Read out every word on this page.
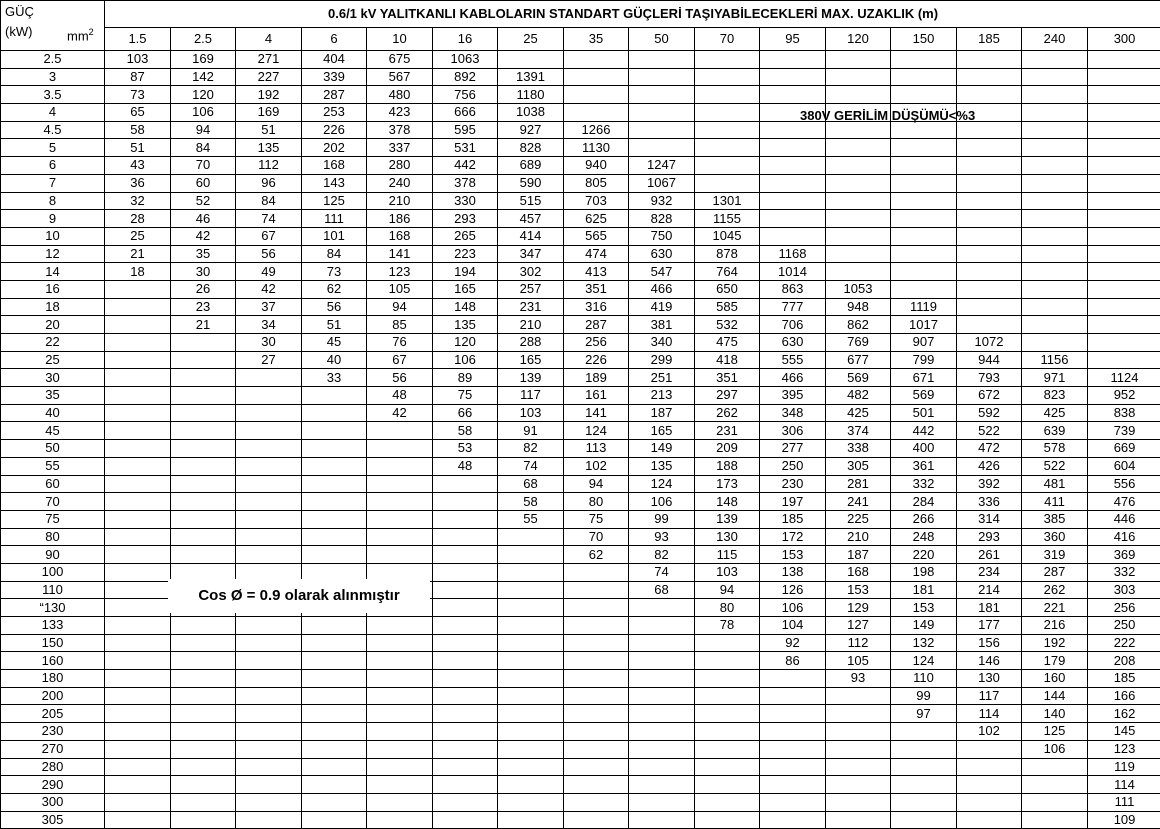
GÜÇ
(kW) $mm^2$	0.6/1 kV YALITKANLI KABLOLARIN STANDART GÜÇLERİ TAŞIYABİLECEKLERİ MAX. UZAKLIK (m)															
	1.5	2.5	4	6	10	16	25	35	50	70	95	120	150	185	240	300
2.5	103	169	271	404	675	1063										
3	87	142	227	339	567	892	1391									
3.5	73	120	192	287	480	756	1180									
4	65	106	169	253	423	666	1038									
4.5	58	94	51	226	378	595	927	1266								
5	51	84	135	202	337	531	828	1130								
6	43	70	112	168	280	442	689	940	1247							
7	36	60	96	143	240	378	590	805	1067							
8	32	52	84	125	210	330	515	703	932	1301						
9	28	46	74	111	186	293	457	625	828	1155						
10	25	42	67	101	168	265	414	565	750	1045						
12	21	35	56	84	141	223	347	474	630	878	1168					
14	18	30	49	73	123	194	302	413	547	764	1014					
16		26	42	62	105	165	257	351	466	650	863	1053				
18		23	37	56	94	148	231	316	419	585	777	948	1119			
20		21	34	51	85	135	210	287	381	532	706	862	1017			
22			30	45	76	120	288	256	340	475	630	769	907	1072		
25			27	40	67	106	165	226	299	418	555	677	799	944	1156	
30				33	56	89	139	189	251	351	466	569	671	793	971	1124
35					48	75	117	161	213	297	395	482	569	672	823	952
40					42	66	103	141	187	262	348	425	501	592	425	838
45						58	91	124	165	231	306	374	442	522	639	739
50						53	82	113	149	209	277	338	400	472	578	669
55						48	74	102	135	188	250	305	361	426	522	604
60							68	94	124	173	230	281	332	392	481	556
70							58	80	106	148	197	241	284	336	411	476
75							55	75	99	139	185	225	266	314	385	446
80								70	93	130	172	210	248	293	360	416
90								62	82	115	153	187	220	261	319	369
100									74	103	138	168	198	234	287	332
110									68	94	126	153	181	214	262	303
“130										80	106	129	153	181	221	256
133										78	104	127	149	177	216	250
150											92	112	132	156	192	222
160											86	105	124	146	179	208
180												93	110	130	160	185
200													99	117	144	166
205													97	114	140	162
230														102	125	145
270															106	123
280																119
290																114
300																111
305																109
380V GERİLİM DÜŞÜMÜ<%3
Cos Ø = 0.9 olarak alınmıştır
